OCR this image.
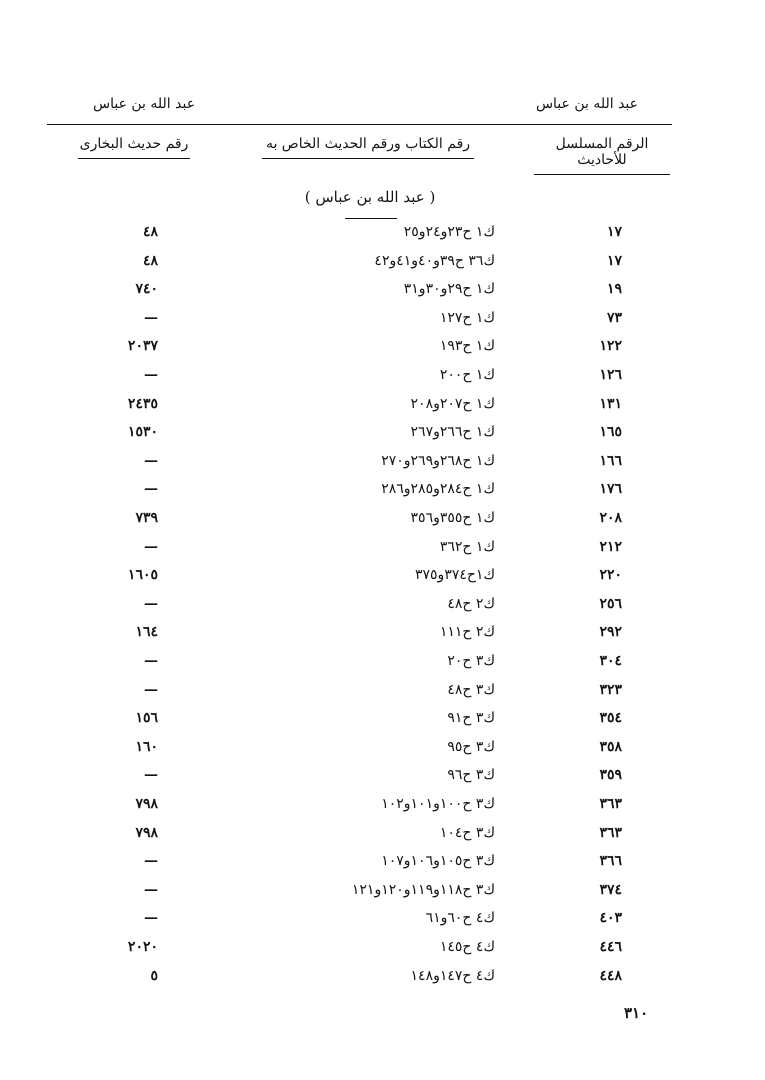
عبد الله بن عباس	عبد الله بن عباس
الرقم المسلسل للأحاديث
رقم الكتاب ورقم الحديث الخاص به
رقم حديث البخارى
( عبد الله بن عباس )
١٧
ك١ ح٢٣و٢٤و٢٥
٤٨
١٧
ك٣٦ ح٣٩و٤٠و٤١و٤٢
٤٨
١٩
ك١ ح٢٩و٣٠و٣١
٧٤٠
٧٣
ك١ ح١٢٧
—
١٢٢
ك١ ح١٩٣
٢٠٣٧
١٢٦
ك١ ح٢٠٠
—
١٣١
ك١ ح٢٠٧و٢٠٨
٢٤٣٥
١٦٥
ك١ ح٢٦٦و٢٦٧
١٥٣٠
١٦٦
ك١ ح٢٦٨و٢٦٩و٢٧٠
—
١٧٦
ك١ ح٢٨٤و٢٨٥و٢٨٦
—
٢٠٨
ك١ ح٣٥٥و٣٥٦
٧٣٩
٢١٢
ك١ ح٣٦٢
—
٢٢٠
ك١ح٣٧٤و٣٧٥
١٦٠٥
٢٥٦
ك٢ ح٤٨
—
٢٩٢
ك٢ ح١١١
١٦٤
٣٠٤
ك٣ ح٢٠
—
٣٢٣
ك٣ ح٤٨
—
٣٥٤
ك٣ ح٩١
١٥٦
٣٥٨
ك٣ ح٩٥
١٦٠
٣٥٩
ك٣ ح٩٦
—
٣٦٣
ك٣ ح١٠٠و١٠١و١٠٢
٧٩٨
٣٦٣
ك٣ ح١٠٤
٧٩٨
٣٦٦
ك٣ ح١٠٥و١٠٦و١٠٧
—
٣٧٤
ك٣ ح١١٨و١١٩و١٢٠و١٢١
—
٤٠٣
ك٤ ح٦٠و٦١
—
٤٤٦
ك٤ ح١٤٥
٢٠٢٠
٤٤٨
ك٤ ح١٤٧و١٤٨
٥
٣١٠
